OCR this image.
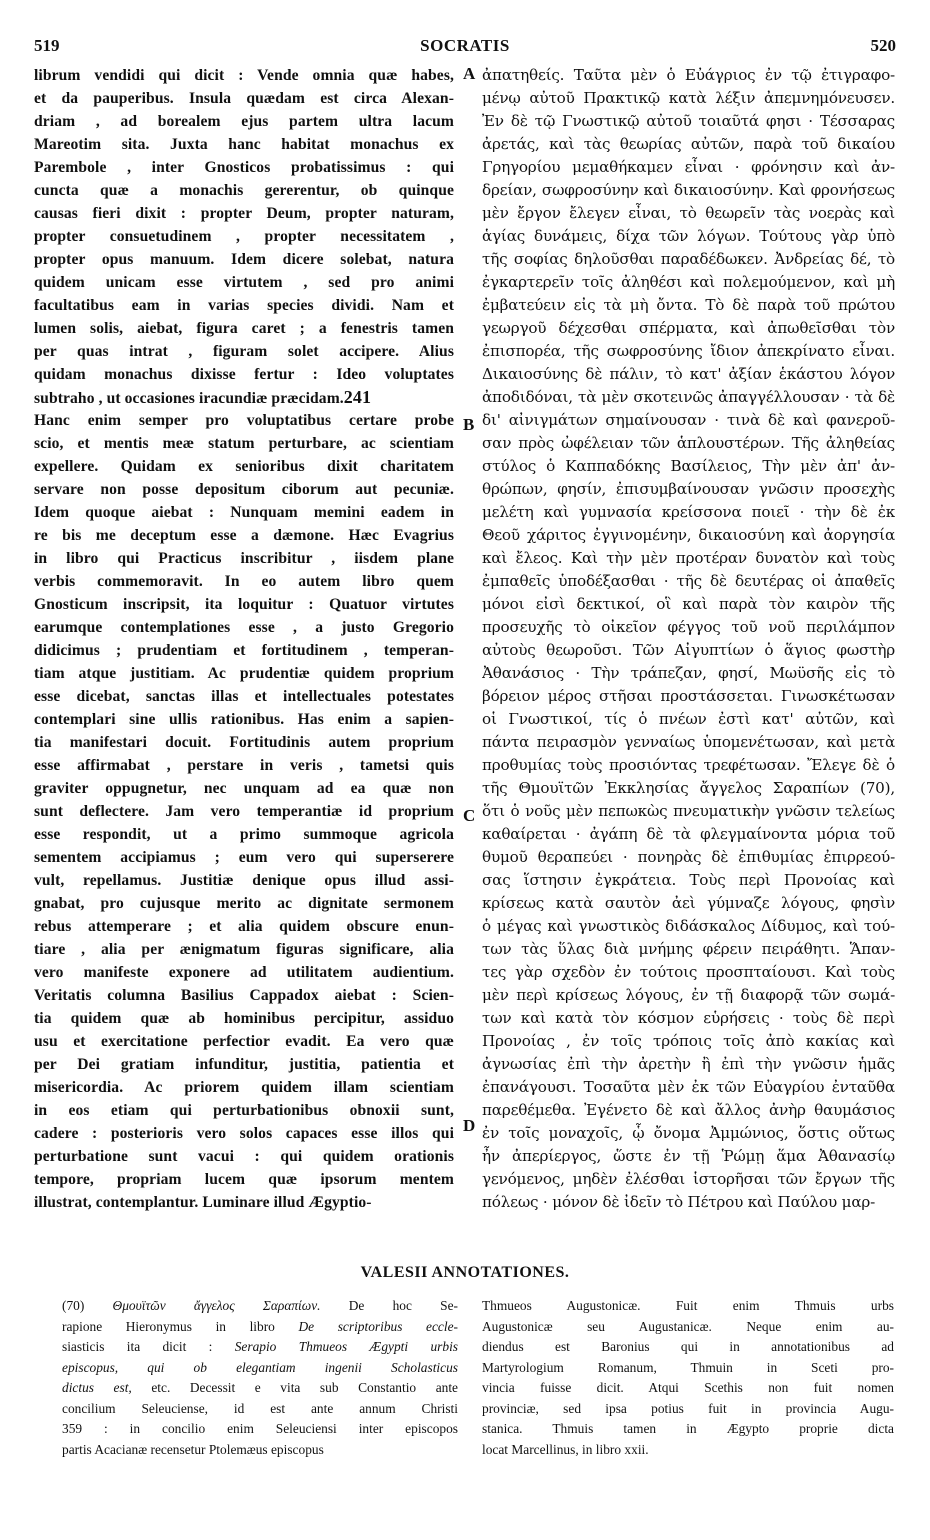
519	SOCRATIS	520
librum vendidi qui dicit : Vende omnia quæ habes,
et da pauperibus. Insula quædam est circa Alexan-
driam , ad borealem ejus partem ultra lacum
Mareotim sita. Juxta hanc habitat monachus ex
Parembole , inter Gnosticos probatissimus : qui
cuncta quæ a monachis gererentur, ob quinque
causas fieri dixit : propter Deum, propter naturam,
propter consuetudinem , propter necessitatem ,
propter opus manuum. Idem dicere solebat, natura
quidem unicam esse virtutem , sed pro animi
facultatibus eam in varias species dividi. Nam et
lumen solis, aiebat, figura caret ; a fenestris tamen
per quas intrat , figuram solet accipere. Alius
quidam monachus dixisse fertur : Ideo voluptates
subtraho , ut occasiones iracundiæ præcidam.241
Hanc enim semper pro voluptatibus certare probe
scio, et mentis meæ statum perturbare, ac scientiam
expellere. Quidam ex senioribus dixit charitatem
servare non posse depositum ciborum aut pecuniæ.
Idem quoque aiebat : Nunquam memini eadem in
re bis me deceptum esse a dæmone. Hæc Evagrius
in libro qui Practicus inscribitur , iisdem plane
verbis commemoravit. In eo autem libro quem
Gnosticum inscripsit, ita loquitur : Quatuor virtutes
earumque contemplationes esse , a justo Gregorio
didicimus ; prudentiam et fortitudinem , temperan-
tiam atque justitiam. Ac prudentiæ quidem proprium
esse dicebat, sanctas illas et intellectuales potestates
contemplari sine ullis rationibus. Has enim a sapien-
tia manifestari docuit. Fortitudinis autem proprium
esse affirmabat , perstare in veris , tametsi quis
graviter oppugnetur, nec unquam ad ea quæ non
sunt deflectere. Jam vero temperantiæ id proprium
esse respondit, ut a primo summoque agricola
sementem accipiamus ; eum vero qui superserere
vult, repellamus. Justitiæ denique opus illud assi-
gnabat, pro cujusque merito ac dignitate sermonem
rebus attemperare ; et alia quidem obscure enun-
tiare , alia per ænigmatum figuras significare, alia
vero manifeste exponere ad utilitatem audientium.
Veritatis columna Basilius Cappadox aiebat : Scien-
tia quidem quæ ab hominibus percipitur, assiduo
usu et exercitatione perfectior evadit. Ea vero quæ
per Dei gratiam infunditur, justitia, patientia et
misericordia. Ac priorem quidem illam scientiam
in eos etiam qui perturbationibus obnoxii sunt,
cadere : posterioris vero solos capaces esse illos qui
perturbatione sunt vacui : qui quidem orationis
tempore, propriam lucem quæ ipsorum mentem
illustrat, contemplantur. Luminare illud Ægyptio-
ἀπατηθείς. Ταῦτα μὲν ὁ Εὐάγριος ἐν τῷ ἐτιγραφο-
μένῳ αὐτοῦ Πρακτικῷ κατὰ λέξιν ἀπεμνημόνευσεν.
Ἐν δὲ τῷ Γνωστικῷ αὐτοῦ τοιαῦτά φησι · Τέσσαρας
ἀρετάς, καὶ τὰς θεωρίας αὐτῶν, παρὰ τοῦ δικαίου
Γρηγορίου μεμαθήκαμεν εἶναι · φρόνησιν καὶ ἀν-
δρείαν, σωφροσύνην καὶ δικαιοσύνην. Καὶ φρονήσεως
μὲν ἔργον ἔλεγεν εἶναι, τὸ θεωρεῖν τὰς νοερὰς καὶ
ἁγίας δυνάμεις, δίχα τῶν λόγων. Τούτους γὰρ ὑπὸ
τῆς σοφίας δηλοῦσθαι παραδέδωκεν. Ἀνδρείας δέ, τὸ
ἐγκαρτερεῖν τοῖς ἀληθέσι καὶ πολεμούμενον, καὶ μὴ
ἐμβατεύειν εἰς τὰ μὴ ὄντα. Τὸ δὲ παρὰ τοῦ πρώτου
γεωργοῦ δέχεσθαι σπέρματα, καὶ ἀπωθεῖσθαι τὸν
ἐπισπορέα, τῆς σωφροσύνης ἴδιον ἀπεκρίνατο εἶναι.
Δικαιοσύνης δὲ πάλιν, τὸ κατ' ἀξίαν ἑκάστου λόγον
ἀποδιδόναι, τὰ μὲν σκοτεινῶς ἀπαγγέλλουσαν · τὰ δὲ
δι' αἰνιγμάτων σημαίνουσαν · τινὰ δὲ καὶ φανεροῦ-
σαν πρὸς ὠφέλειαν τῶν ἁπλουστέρων. Τῆς ἀληθείας
στύλος ὁ Καππαδόκης Βασίλειος, Τὴν μὲν ἀπ' ἀν-
θρώπων, φησίν, ἐπισυμβαίνουσαν γνῶσιν προσεχὴς
μελέτη καὶ γυμνασία κρείσσονα ποιεῖ · τὴν δὲ ἐκ
Θεοῦ χάριτος ἐγγινομένην, δικαιοσύνη καὶ ἀοργησία
καὶ ἔλεος. Καὶ τὴν μὲν προτέραν δυνατὸν καὶ τοὺς
ἐμπαθεῖς ὑποδέξασθαι · τῆς δὲ δευτέρας οἱ ἀπαθεῖς
μόνοι εἰσὶ δεκτικοί, οἳ καὶ παρὰ τὸν καιρὸν τῆς
προσευχῆς τὸ οἰκεῖον φέγγος τοῦ νοῦ περιλάμπον
αὐτοὺς θεωροῦσι. Τῶν Αἰγυπτίων ὁ ἅγιος φωστὴρ
Ἀθανάσιος · Τὴν τράπεζαν, φησί, Μωϋσῆς εἰς τὸ
βόρειον μέρος στῆσαι προστάσσεται. Γινωσκέτωσαν
οἱ Γνωστικοί, τίς ὁ πνέων ἐστὶ κατ' αὐτῶν, καὶ
πάντα πειρασμὸν γενναίως ὑπομενέτωσαν, καὶ μετὰ
προθυμίας τοὺς προσιόντας τρεφέτωσαν. Ἔλεγε δὲ ὁ
τῆς Θμουϊτῶν Ἐκκλησίας ἄγγελος Σαραπίων (70),
ὅτι ὁ νοῦς μὲν πεπωκὼς πνευματικὴν γνῶσιν τελείως
καθαίρεται · ἀγάπη δὲ τὰ φλεγμαίνοντα μόρια τοῦ
θυμοῦ θεραπεύει · πονηρὰς δὲ ἐπιθυμίας ἐπιρρεού-
σας ἵστησιν ἐγκράτεια. Τοὺς περὶ Προνοίας καὶ
κρίσεως κατὰ σαυτὸν ἀεὶ γύμναζε λόγους, φησὶν
ὁ μέγας καὶ γνωστικὸς διδάσκαλος Δίδυμος, καὶ τού-
των τὰς ὕλας διὰ μνήμης φέρειν πειράθητι. Ἅπαν-
τες γὰρ σχεδὸν ἐν τούτοις προσπταίουσι. Καὶ τοὺς
μὲν περὶ κρίσεως λόγους, ἐν τῇ διαφορᾷ τῶν σωμά-
των καὶ κατὰ τὸν κόσμον εὑρήσεις · τοὺς δὲ περὶ
Προνοίας , ἐν τοῖς τρόποις τοῖς ἀπὸ κακίας καὶ
ἀγνωσίας ἐπὶ τὴν ἀρετὴν ἢ ἐπὶ τὴν γνῶσιν ἡμᾶς
ἐπανάγουσι. Τοσαῦτα μὲν ἐκ τῶν Εὐαγρίου ἐνταῦθα
παρεθέμεθα. Ἐγένετο δὲ καὶ ἄλλος ἀνὴρ θαυμάσιος
ἐν τοῖς μοναχοῖς, ᾧ ὄνομα Ἀμμώνιος, ὅστις οὕτως
ἦν ἀπερίεργος, ὥστε ἐν τῇ Ῥώμῃ ἅμα Ἀθανασίῳ
γενόμενος, μηδὲν ἐλέσθαι ἱστορῆσαι τῶν ἔργων τῆς
πόλεως · μόνον δὲ ἰδεῖν τὸ Πέτρου καὶ Παύλου μαρ-
A
B
C
D
VALESII ANNOTATIONES.
(70) Θμουϊτῶν ἄγγελος Σαραπίων. De hoc Se-
rapione Hieronymus in libro De scriptoribus eccle-
siasticis ita dicit : Serapio Thmueos Ægypti urbis
episcopus, qui ob elegantiam ingenii Scholasticus
dictus est, etc. Decessit e vita sub Constantio ante
concilium Seleuciense, id est ante annum Christi
359 : in concilio enim Seleuciensi inter episcopos
partis Acacianæ recensetur Ptolemæus episcopus
Thmueos Augustonicæ. Fuit enim Thmuis urbs
Augustonicæ seu Augustanicæ. Neque enim au-
diendus est Baronius qui in annotationibus ad
Martyrologium Romanum, Thmuin in Sceti pro-
vincia fuisse dicit. Atqui Scethis non fuit nomen
provinciæ, sed ipsa potius fuit in provincia Augu-
stanica. Thmuis tamen in Ægypto proprie dicta
locat Marcellinus, in libro xxii.
